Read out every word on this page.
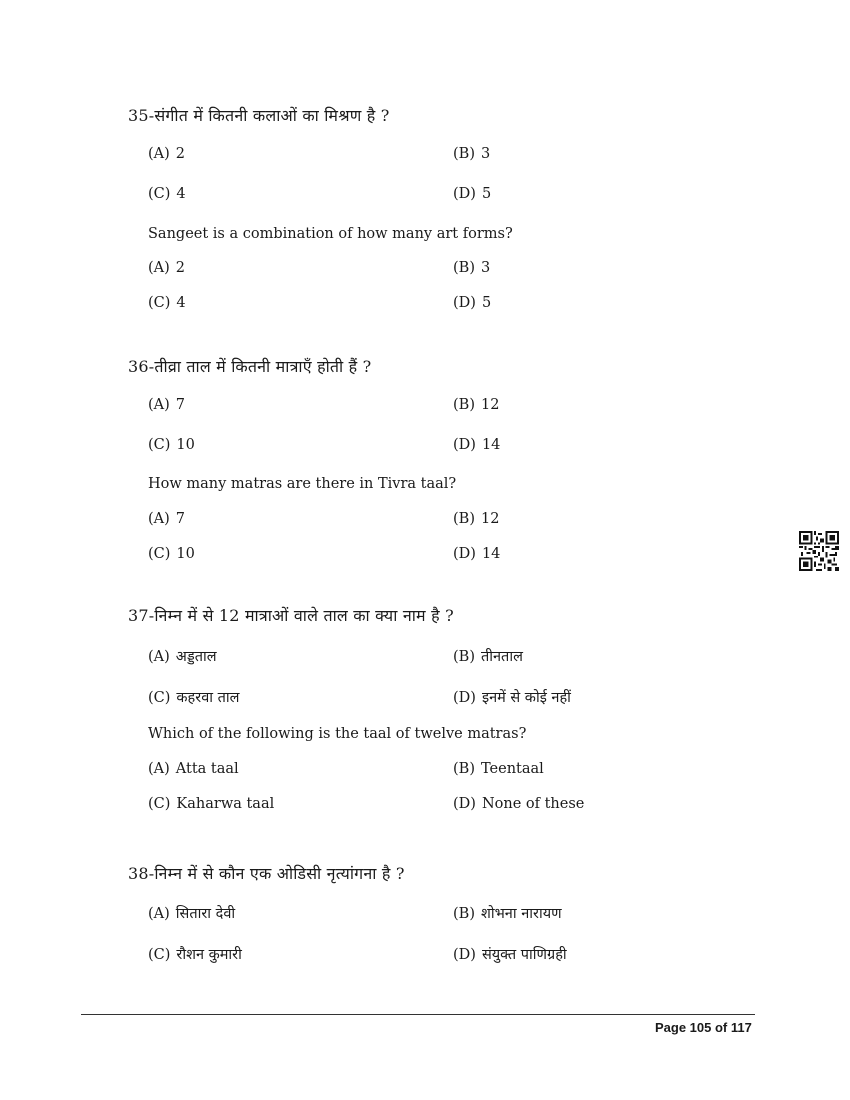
35-संगीत में कितनी कलाओं का मिश्रण है ?
(A) 2	(B) 3
(C) 4	(D) 5
Sangeet is a combination of how many art forms?
(A) 2	(B) 3
(C) 4	(D) 5
36-तीव्रा ताल में कितनी मात्राएँ होती हैं ?
(A) 7	(B) 12
(C) 10	(D) 14
How many matras are there in Tivra taal?
(A) 7	(B) 12
(C) 10	(D) 14
37-निम्न में से 12 मात्राओं वाले ताल का क्या नाम है ?
(A) अड्डताल	(B) तीनताल
(C) कहरवा ताल	(D) इनमें से कोई नहीं
Which of the following is the taal of twelve matras?
(A) Atta taal	(B) Teentaal
(C) Kaharwa taal	(D) None of these
38-निम्न में से कौन एक ओडिसी नृत्यांगना है ?
(A) सितारा देवी	(B) शोभना नारायण
(C) रौशन कुमारी	(D) संयुक्त पाणिग्रही
Page 105 of 117
